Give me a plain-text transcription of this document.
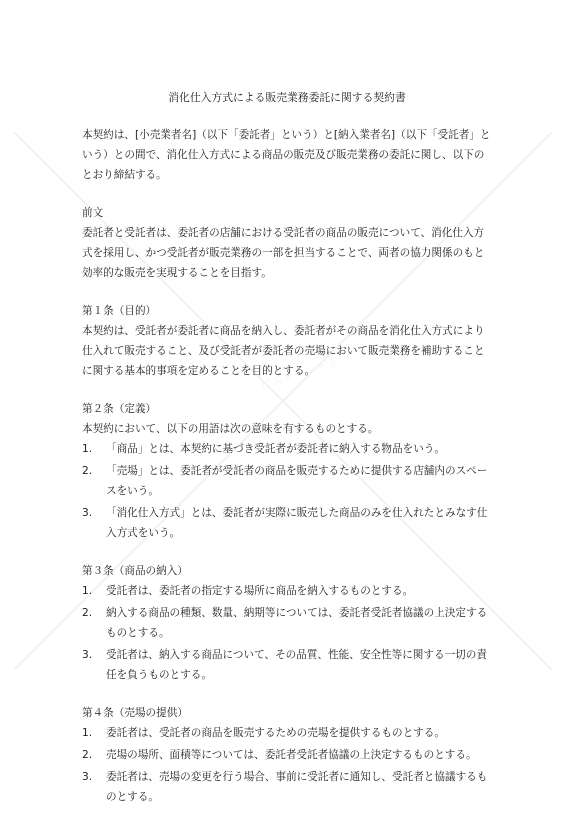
ビズオーシャン
消化仕入方式による販売業務委託に関する契約書

本契約は、[小売業者名]（以下「委託者」という）と[納入業者名]（以下「受託者」という）との間で、消化仕入方式による商品の販売及び販売業務の委託に関し、以下のとおり締結する。

前文

委託者と受託者は、委託者の店舗における受託者の商品の販売について、消化仕入方式を採用し、かつ受託者が販売業務の一部を担当することで、両者の協力関係のもと効率的な販売を実現することを目指す。

第１条（目的）

本契約は、受託者が委託者に商品を納入し、委託者がその商品を消化仕入方式により仕入れて販売すること、及び受託者が委託者の売場において販売業務を補助することに関する基本的事項を定めることを目的とする。

第２条（定義）

本契約において、以下の用語は次の意味を有するものとする。

1.	「商品」とは、本契約に基づき受託者が委託者に納入する物品をいう。
2.	「売場」とは、委託者が受託者の商品を販売するために提供する店舗内のスペースをいう。
3.	「消化仕入方式」とは、委託者が実際に販売した商品のみを仕入れたとみなす仕入方式をいう。

第３条（商品の納入）

1.	受託者は、委託者の指定する場所に商品を納入するものとする。
2.	納入する商品の種類、数量、納期等については、委託者受託者協議の上決定するものとする。
3.	受託者は、納入する商品について、その品質、性能、安全性等に関する一切の責任を負うものとする。

第４条（売場の提供）

1.	委託者は、受託者の商品を販売するための売場を提供するものとする。
2.	売場の場所、面積等については、委託者受託者協議の上決定するものとする。
3.	委託者は、売場の変更を行う場合、事前に受託者に通知し、受託者と協議するものとする。
